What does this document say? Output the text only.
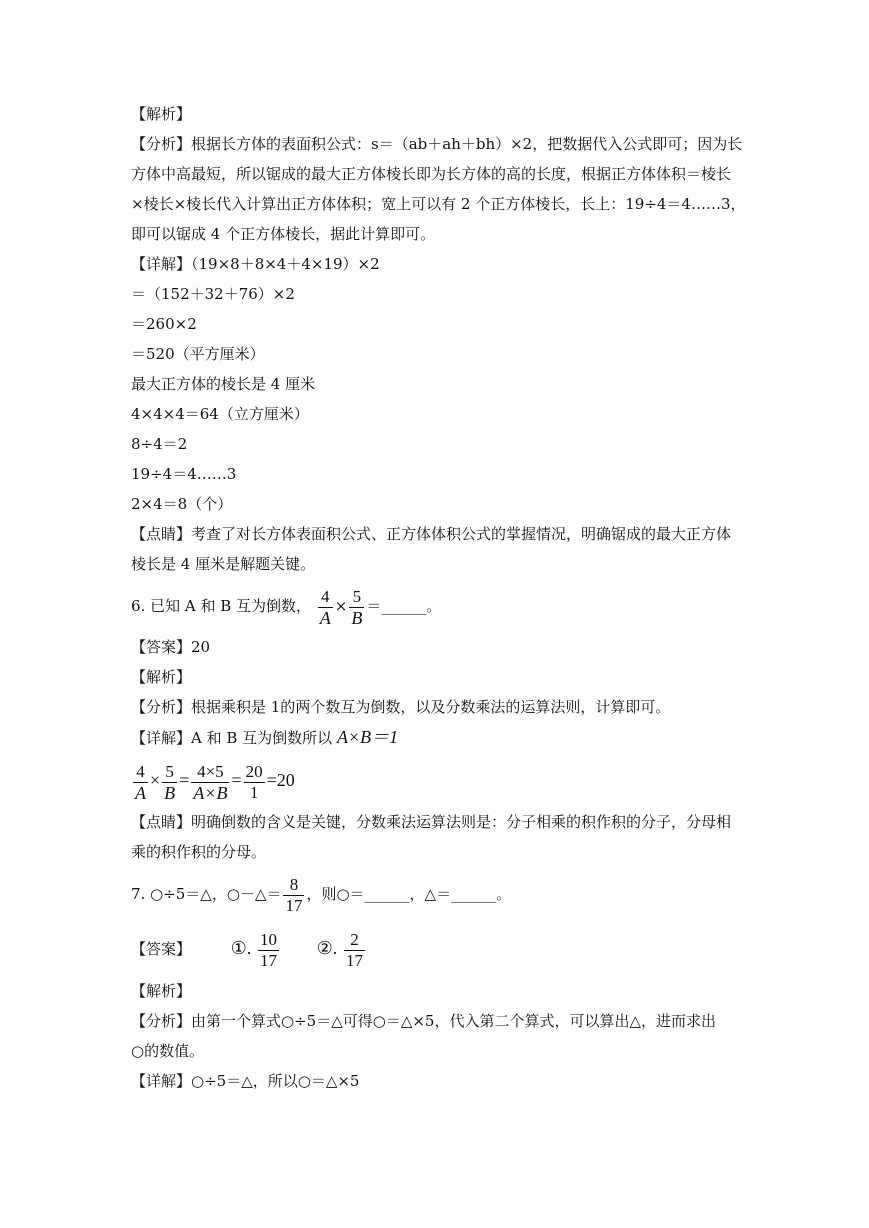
【解析】
【分析】根据长方体的表面积公式：s＝（ab＋ah＋bh）×2，把数据代入公式即可；因为长
方体中高最短，所以锯成的最大正方体棱长即为长方体的高的长度，根据正方体体积＝棱长
×棱长×棱长代入计算出正方体体积；宽上可以有 2 个正方体棱长，长上：19÷4＝4……3，
即可以锯成 4 个正方体棱长，据此计算即可。
【详解】（19×8＋8×4＋4×19）×2
＝（152＋32＋76）×2
＝260×2
＝520（平方厘米）
最大正方体的棱长是 4 厘米
4×4×4＝64（立方厘米）
8÷4＝2
19÷4＝4……3
2×4＝8（个）
【点睛】考查了对长方体表面积公式、正方体体积公式的掌握情况，明确锯成的最大正方体
棱长是 4 厘米是解题关键。
6. 已知 A 和 B 互为倒数， $\frac{4}{A} \times \frac{5}{B}$ ＝______。
【答案】20
【解析】
【分析】根据乘积是 1的两个数互为倒数，以及分数乘法的运算法则，计算即可。
【详解】A 和 B 互为倒数所以 A×B＝1
$\frac{4}{A} \times \frac{5}{B} = \frac{4\times 5}{A\times B} = \frac{20}{1} =20$
【点睛】明确倒数的含义是关键，分数乘法运算法则是：分子相乘的积作积的分子，分母相
乘的积作积的分母。
7. ○÷5＝△，○－△＝ $\frac{8}{17}$ ，则○＝______，△＝______。
【答案】 ①. $\frac{10}{17}$ ②. $\frac{2}{17}$
【解析】
【分析】由第一个算式○÷5＝△可得○＝△×5，代入第二个算式，可以算出△，进而求出
○的数值。
【详解】○÷5＝△，所以○＝△×5
